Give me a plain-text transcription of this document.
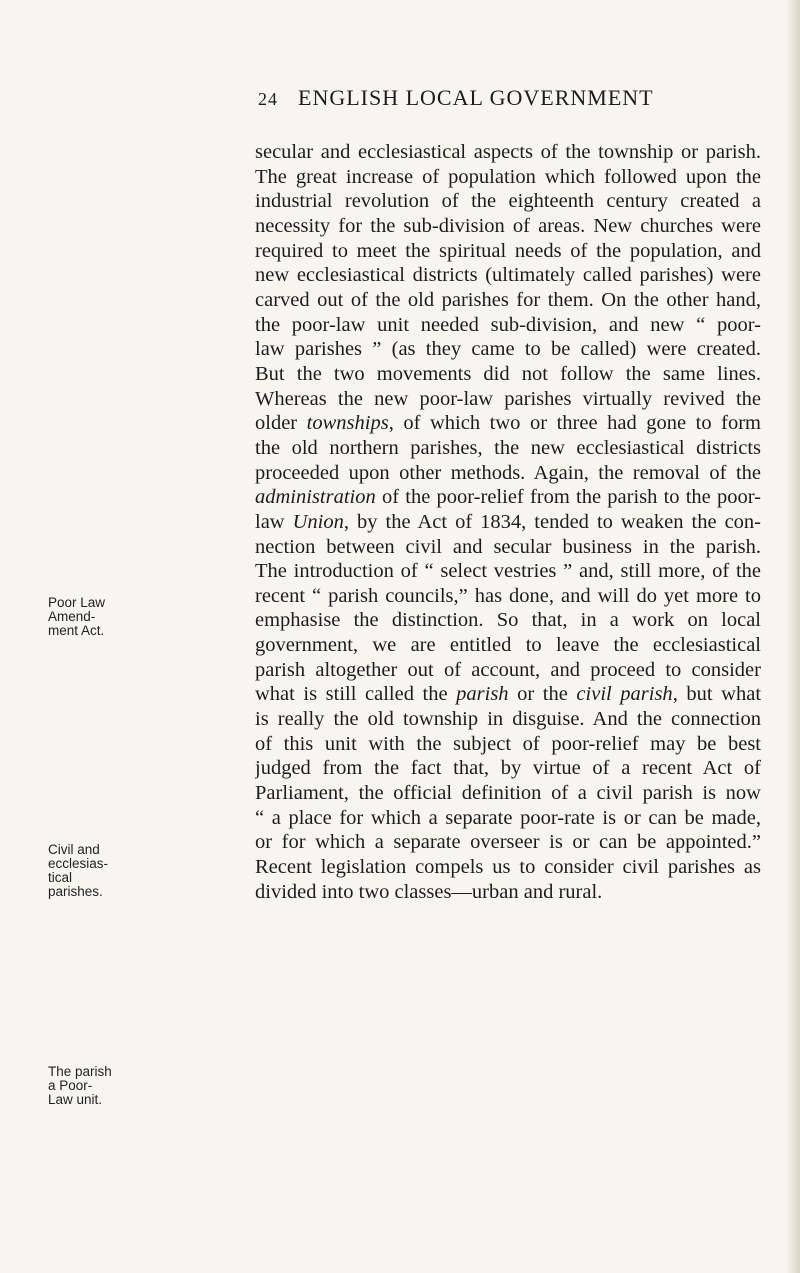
24 ENGLISH LOCAL GOVERNMENT
secular and ecclesiastical aspects of the township or parish.
The great increase of population which followed upon the
industrial revolution of the eighteenth century created a
necessity for the sub-division of areas. New churches were
required to meet the spiritual needs of the population, and
new ecclesiastical districts (ultimately called parishes) were
carved out of the old parishes for them. On the other hand,
the poor-law unit needed sub-division, and new “ poor-
law parishes ” (as they came to be called) were created.
But the two movements did not follow the same lines.
Whereas the new poor-law parishes virtually revived the
older townships, of which two or three had gone to form
the old northern parishes, the new ecclesiastical districts
proceeded upon other methods. Again, the removal of the
administration of the poor-relief from the parish to the poor-
law Union, by the Act of 1834, tended to weaken the con-
nection between civil and secular business in the parish.
The introduction of “ select vestries ” and, still more, of the
recent “ parish councils,” has done, and will do yet more to
emphasise the distinction. So that, in a work on local
government, we are entitled to leave the ecclesiastical
parish altogether out of account, and proceed to consider
what is still called the parish or the civil parish, but what
is really the old township in disguise. And the connection
of this unit with the subject of poor-relief may be best
judged from the fact that, by virtue of a recent Act of
Parliament, the official definition of a civil parish is now
“ a place for which a separate poor-rate is or can be made,
or for which a separate overseer is or can be appointed.”
Recent legislation compels us to consider civil parishes as
divided into two classes—urban and rural.
Poor Law
Amend-
ment Act.
Civil and
ecclesias-
tical
parishes.
The parish
a Poor-
Law unit.
